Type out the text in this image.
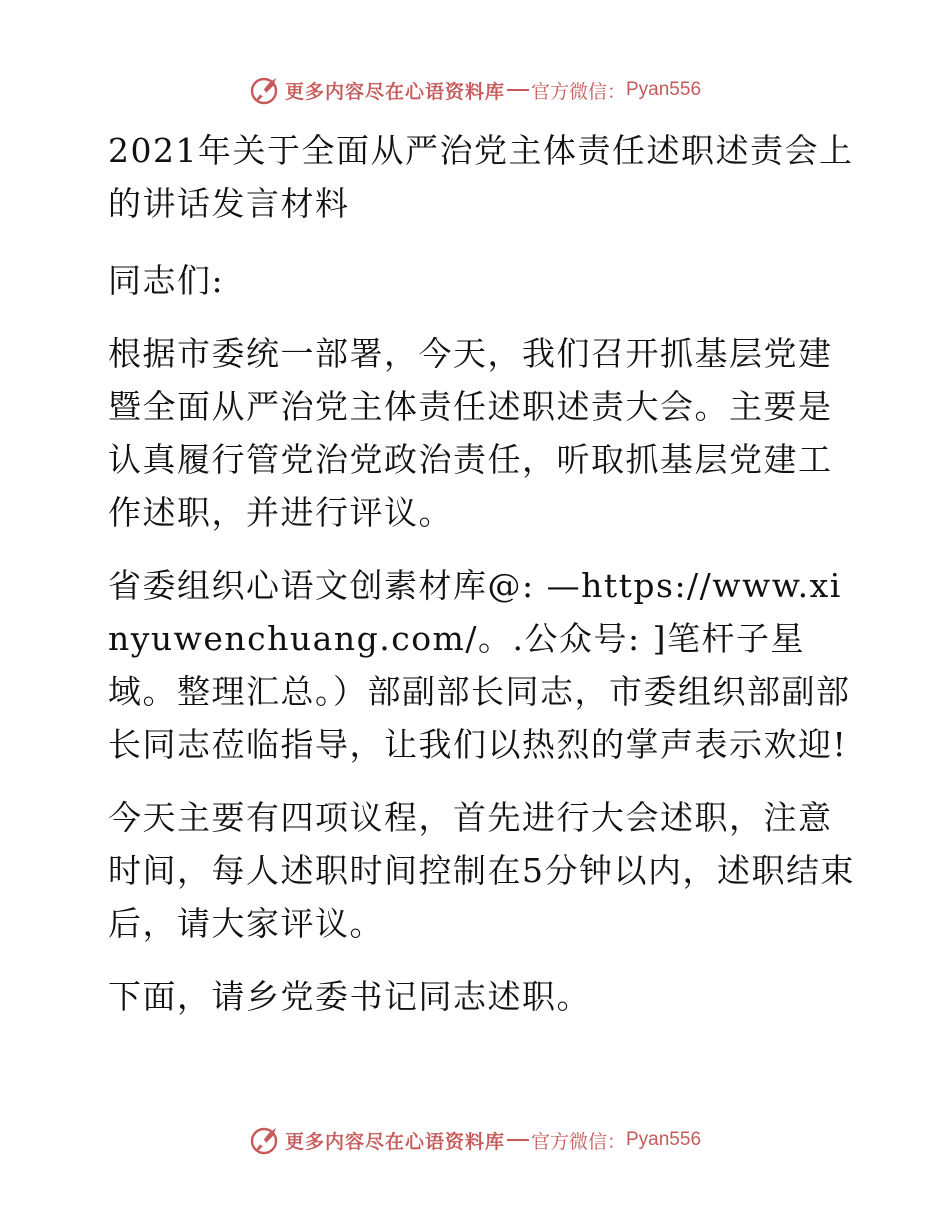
更多内容尽在心语资料库 官方微信： Pyan556

2021年关于全面从严治党主体责任述职述责会上的讲话发言材料

同志们:

根据市委统一部署，今天，我们召开抓基层党建暨全面从严治党主体责任述职述责大会。主要是认真履行管党治党政治责任，听取抓基层党建工作述职，并进行评议。

省委组织心语文创素材库@: —https://www.xinyuwenchuang.com/。.公众号: ]笔杆子星域。整理汇总。）部副部长同志，市委组织部副部长同志莅临指导，让我们以热烈的掌声表示欢迎!

今天主要有四项议程，首先进行大会述职，注意时间，每人述职时间控制在5分钟以内，述职结束后，请大家评议。

下面，请乡党委书记同志述职。

更多内容尽在心语资料库 官方微信： Pyan556
